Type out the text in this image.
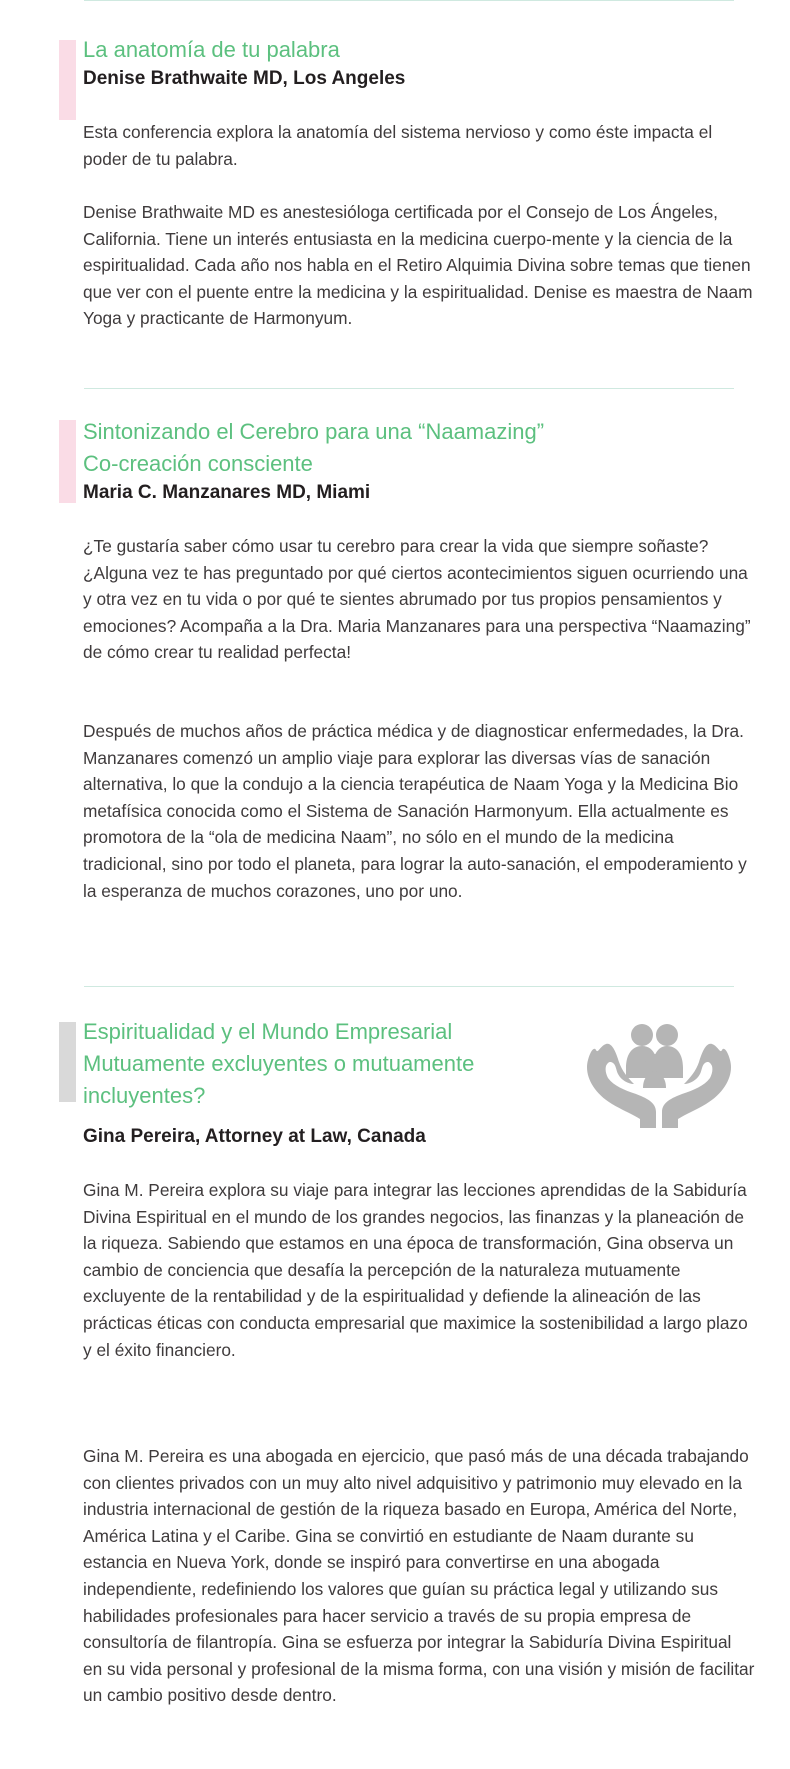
La anatomía de tu palabra
Denise Brathwaite MD, Los Angeles

Esta conferencia explora la anatomía del sistema nervioso y como éste impacta el poder de tu palabra.

Denise Brathwaite MD es anestesióloga certificada por el Consejo de Los Ángeles, California. Tiene un interés entusiasta en la medicina cuerpo-mente y la ciencia de la espiritualidad. Cada año nos habla en el Retiro Alquimia Divina sobre temas que tienen que ver con el puente entre la medicina y la espiritualidad. Denise es maestra de Naam Yoga y practicante de Harmonyum.

Sintonizando el Cerebro para una “Naamazing”
Co-creación consciente
Maria C. Manzanares MD, Miami

¿Te gustaría saber cómo usar tu cerebro para crear la vida que siempre soñaste? ¿Alguna vez te has preguntado por qué ciertos acontecimientos siguen ocurriendo una y otra vez en tu vida o por qué te sientes abrumado por tus propios pensamientos y emociones? Acompaña a la Dra. Maria Manzanares para una perspectiva “Naamazing” de cómo crear tu realidad perfecta!

Después de muchos años de práctica médica y de diagnosticar enfermedades, la Dra. Manzanares comenzó un amplio viaje para explorar las diversas vías de sanación alternativa, lo que la condujo a la ciencia terapéutica de Naam Yoga y la Medicina Bio metafísica conocida como el Sistema de Sanación Harmonyum. Ella actualmente es promotora de la “ola de medicina Naam”, no sólo en el mundo de la medicina tradicional, sino por todo el planeta, para lograr la auto-sanación, el empoderamiento y la esperanza de muchos corazones, uno por uno.

Espiritualidad y el Mundo Empresarial
Mutuamente excluyentes o mutuamente
incluyentes?
Gina Pereira, Attorney at Law, Canada

Gina M. Pereira explora su viaje para integrar las lecciones aprendidas de la Sabiduría Divina Espiritual en el mundo de los grandes negocios, las finanzas y la planeación de la riqueza. Sabiendo que estamos en una época de transformación, Gina observa un cambio de conciencia que desafía la percepción de la naturaleza mutuamente excluyente de la rentabilidad y de la espiritualidad y defiende la alineación de las prácticas éticas con conducta empresarial que maximice la sostenibilidad a largo plazo y el éxito financiero.

Gina M. Pereira es una abogada en ejercicio, que pasó más de una década trabajando con clientes privados con un muy alto nivel adquisitivo y patrimonio muy elevado en la industria internacional de gestión de la riqueza basado en Europa, América del Norte, América Latina y el Caribe. Gina se convirtió en estudiante de Naam durante su estancia en Nueva York, donde se inspiró para convertirse en una abogada independiente, redefiniendo los valores que guían su práctica legal y utilizando sus habilidades profesionales para hacer servicio a través de su propia empresa de consultoría de filantropía. Gina se esfuerza por integrar la Sabiduría Divina Espiritual en su vida personal y profesional de la misma forma, con una visión y misión de facilitar un cambio positivo desde dentro.
